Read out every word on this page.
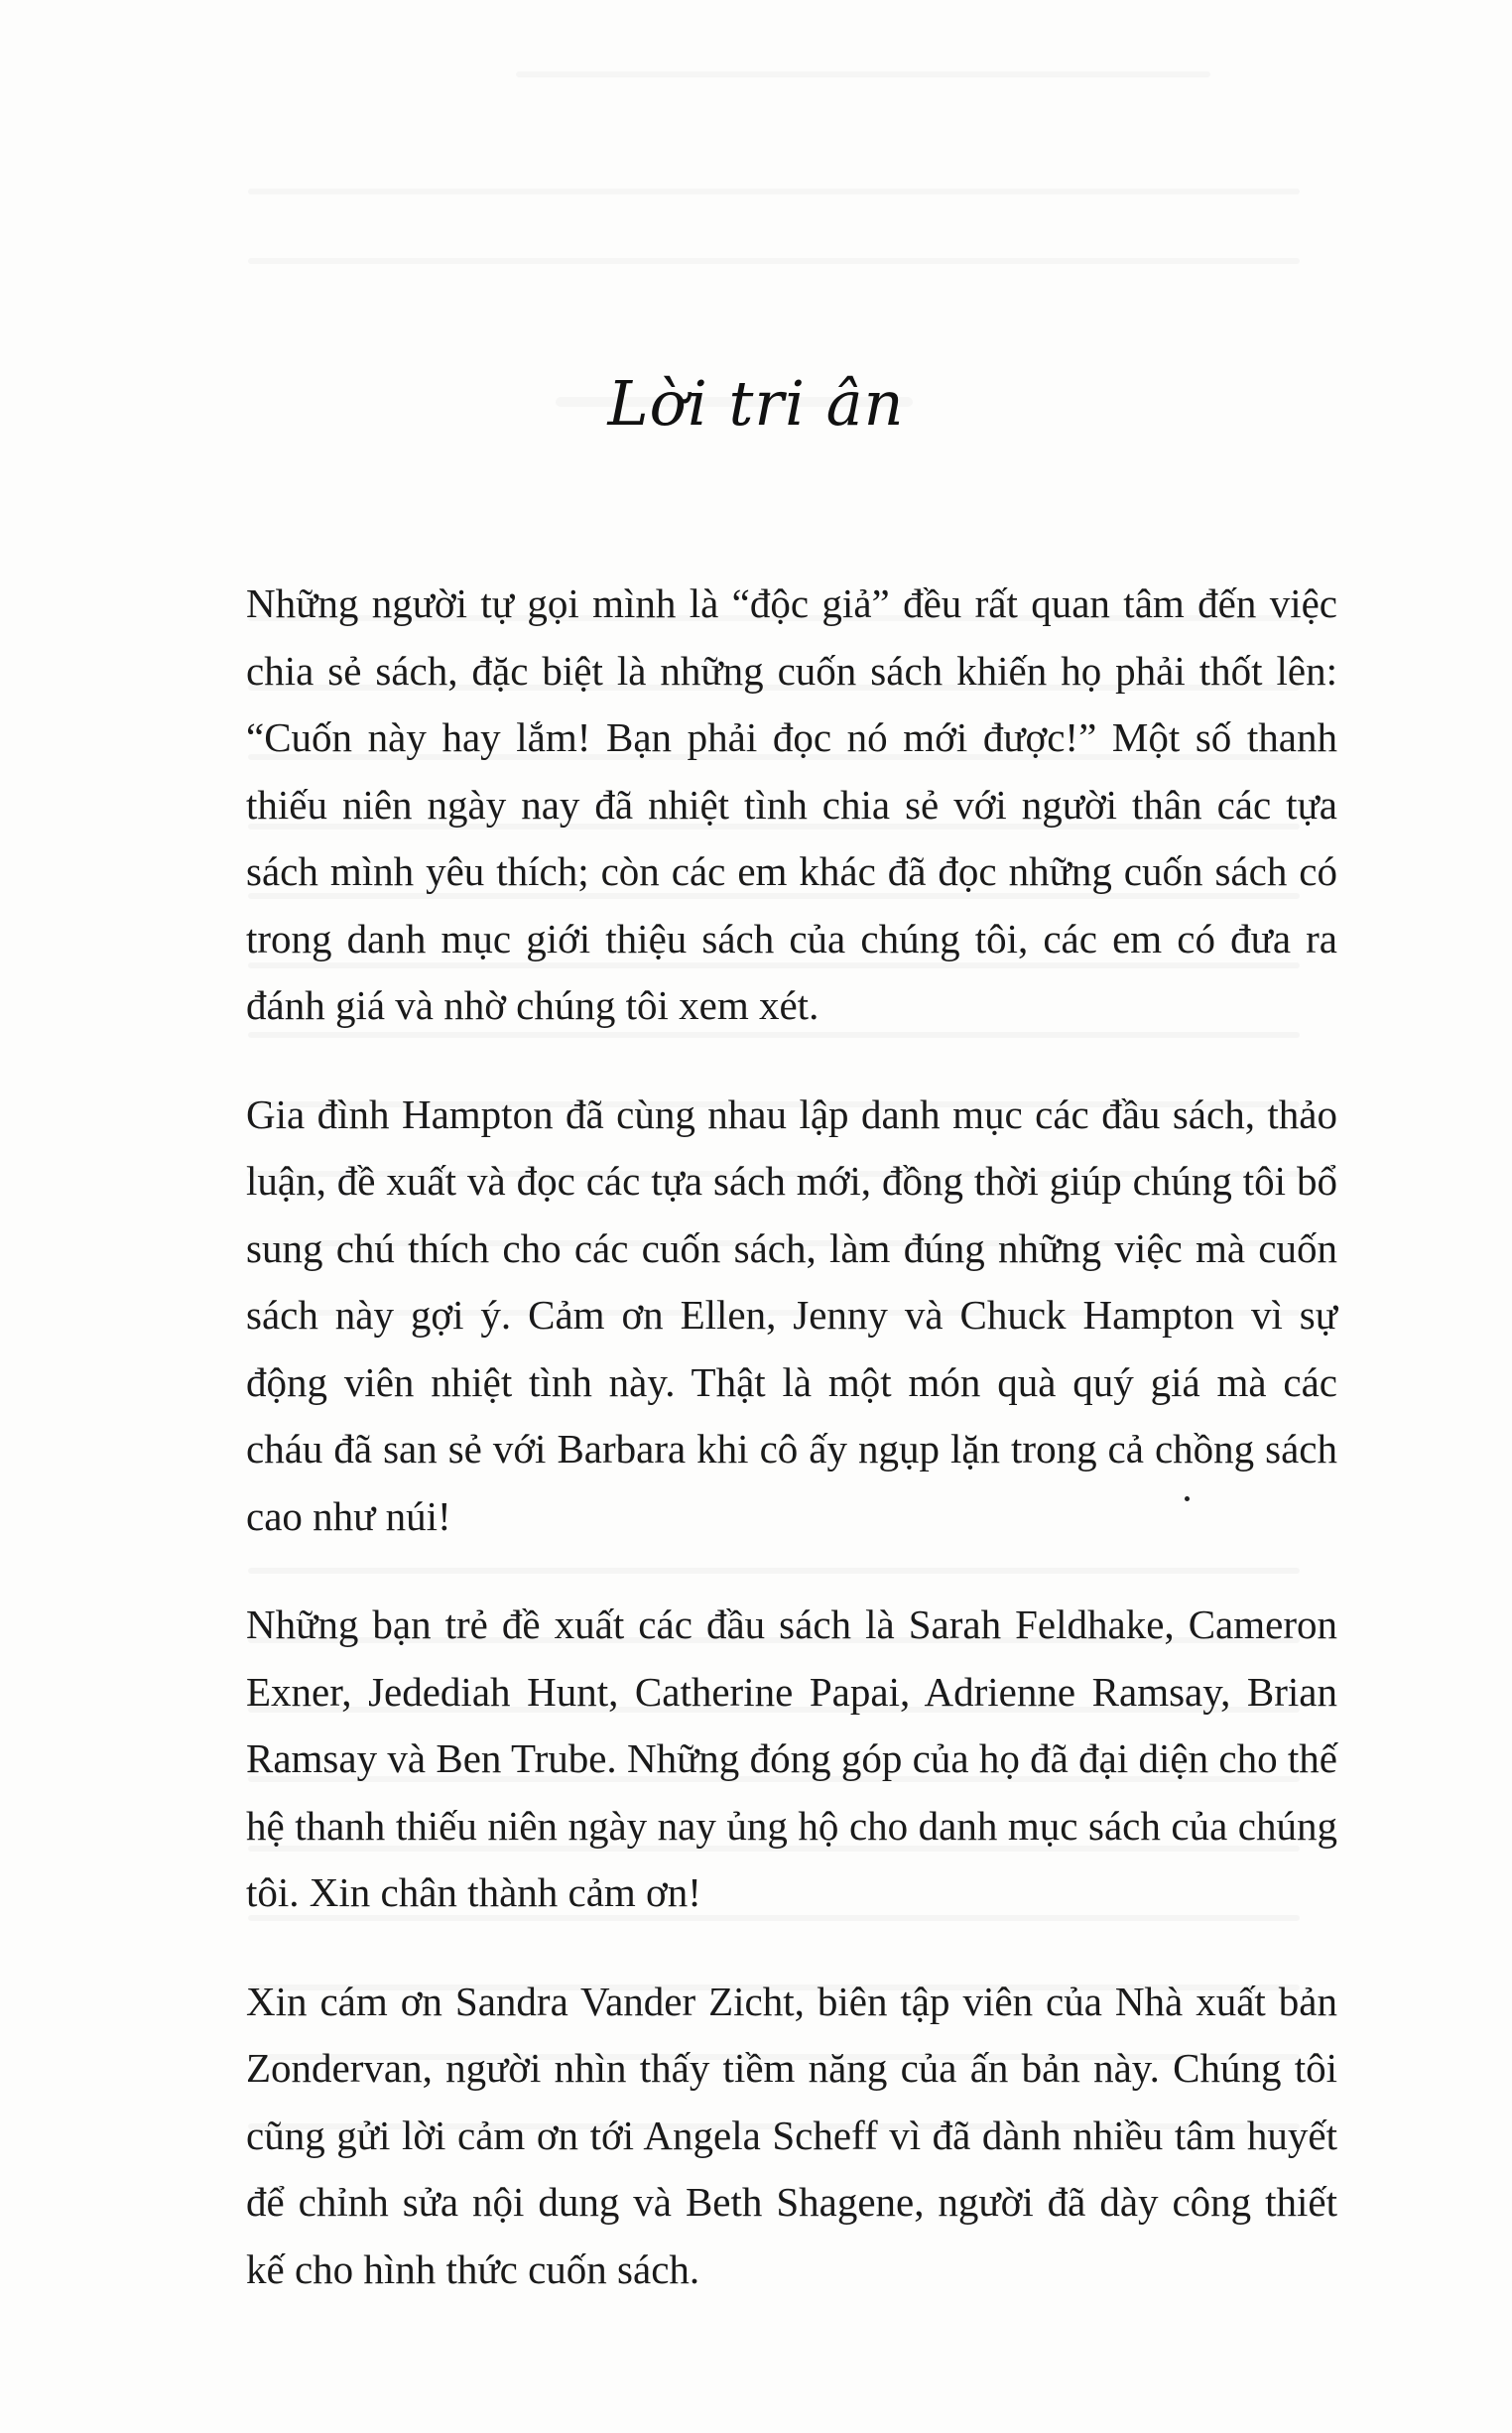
Lời tri ân

Những người tự gọi mình là “độc giả” đều rất quan tâm đến việc chia sẻ sách, đặc biệt là những cuốn sách khiến họ phải thốt lên: “Cuốn này hay lắm! Bạn phải đọc nó mới được!” Một số thanh thiếu niên ngày nay đã nhiệt tình chia sẻ với người thân các tựa sách mình yêu thích; còn các em khác đã đọc những cuốn sách có trong danh mục giới thiệu sách của chúng tôi, các em có đưa ra đánh giá và nhờ chúng tôi xem xét.

Gia đình Hampton đã cùng nhau lập danh mục các đầu sách, thảo luận, đề xuất và đọc các tựa sách mới, đồng thời giúp chúng tôi bổ sung chú thích cho các cuốn sách, làm đúng những việc mà cuốn sách này gợi ý. Cảm ơn Ellen, Jenny và Chuck Hampton vì sự động viên nhiệt tình này. Thật là một món quà quý giá mà các cháu đã san sẻ với Barbara khi cô ấy ngụp lặn trong cả chồng sách cao như núi!

Những bạn trẻ đề xuất các đầu sách là Sarah Feldhake, Cameron Exner, Jedediah Hunt, Catherine Papai, Adrienne Ramsay, Brian Ramsay và Ben Trube. Những đóng góp của họ đã đại diện cho thế hệ thanh thiếu niên ngày nay ủng hộ cho danh mục sách của chúng tôi. Xin chân thành cảm ơn!

Xin cám ơn Sandra Vander Zicht, biên tập viên của Nhà xuất bản Zondervan, người nhìn thấy tiềm năng của ấn bản này. Chúng tôi cũng gửi lời cảm ơn tới Angela Scheff vì đã dành nhiều tâm huyết để chỉnh sửa nội dung và Beth Shagene, người đã dày công thiết kế cho hình thức cuốn sách.
